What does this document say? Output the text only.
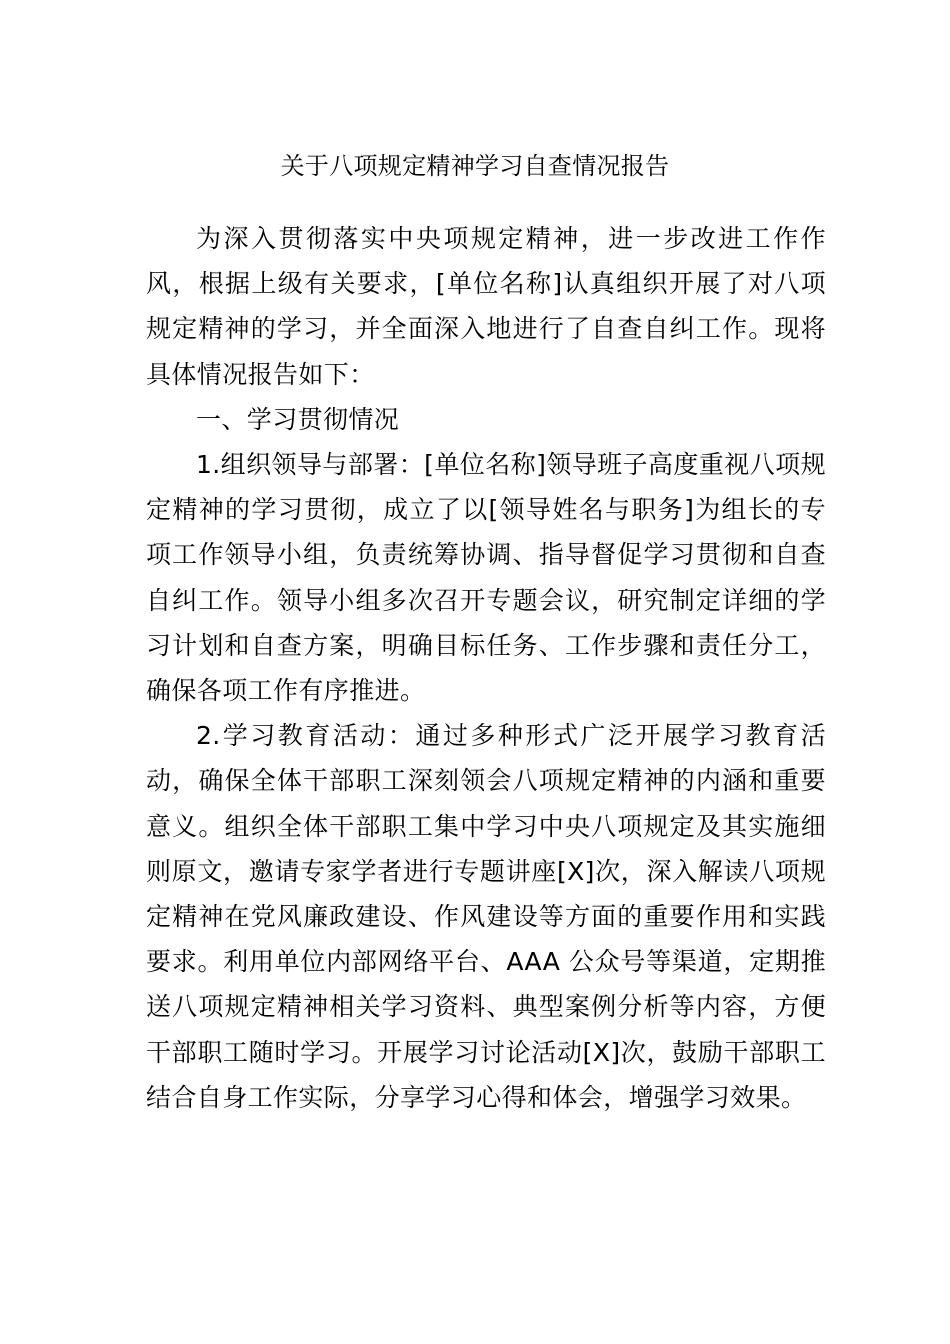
关于八项规定精神学习自查情况报告

为深入贯彻落实中央项规定精神，进一步改进工作作风，根据上级有关要求，[单位名称]认真组织开展了对八项规定精神的学习，并全面深入地进行了自查自纠工作。现将具体情况报告如下：

一、学习贯彻情况

1.组织领导与部署：[单位名称]领导班子高度重视八项规定精神的学习贯彻，成立了以[领导姓名与职务]为组长的专项工作领导小组，负责统筹协调、指导督促学习贯彻和自查自纠工作。领导小组多次召开专题会议，研究制定详细的学习计划和自查方案，明确目标任务、工作步骤和责任分工，确保各项工作有序推进。

2.学习教育活动：通过多种形式广泛开展学习教育活动，确保全体干部职工深刻领会八项规定精神的内涵和重要意义。组织全体干部职工集中学习中央八项规定及其实施细则原文，邀请专家学者进行专题讲座[X]次，深入解读八项规定精神在党风廉政建设、作风建设等方面的重要作用和实践要求。利用单位内部网络平台、AAA 公众号等渠道，定期推送八项规定精神相关学习资料、典型案例分析等内容，方便干部职工随时学习。开展学习讨论活动[X]次，鼓励干部职工结合自身工作实际，分享学习心得和体会，增强学习效果。
